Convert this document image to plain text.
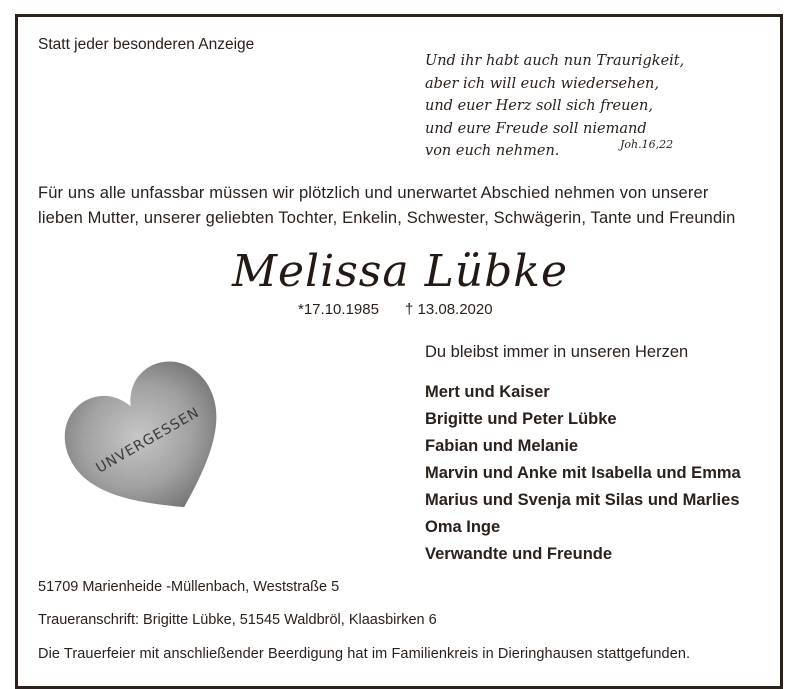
Statt jeder besonderen Anzeige
Und ihr habt auch nun Traurigkeit,
aber ich will euch wiedersehen,
und euer Herz soll sich freuen,
und eure Freude soll niemand
von euch nehmen.	Joh.16,22
Für uns alle unfassbar müssen wir plötzlich und unerwartet Abschied nehmen von unserer
lieben Mutter, unserer geliebten Tochter, Enkelin, Schwester, Schwägerin, Tante und Freundin
Melissa Lübke
*17.10.1985 † 13.08.2020
UNVERGESSEN
Du bleibst immer in unseren Herzen
Mert und Kaiser
Brigitte und Peter Lübke
Fabian und Melanie
Marvin und Anke mit Isabella und Emma
Marius und Svenja mit Silas und Marlies
Oma Inge
Verwandte und Freunde
51709 Marienheide -Müllenbach, Weststraße 5
Traueranschrift: Brigitte Lübke, 51545 Waldbröl, Klaasbirken 6
Die Trauerfeier mit anschließender Beerdigung hat im Familienkreis in Dieringhausen stattgefunden.
